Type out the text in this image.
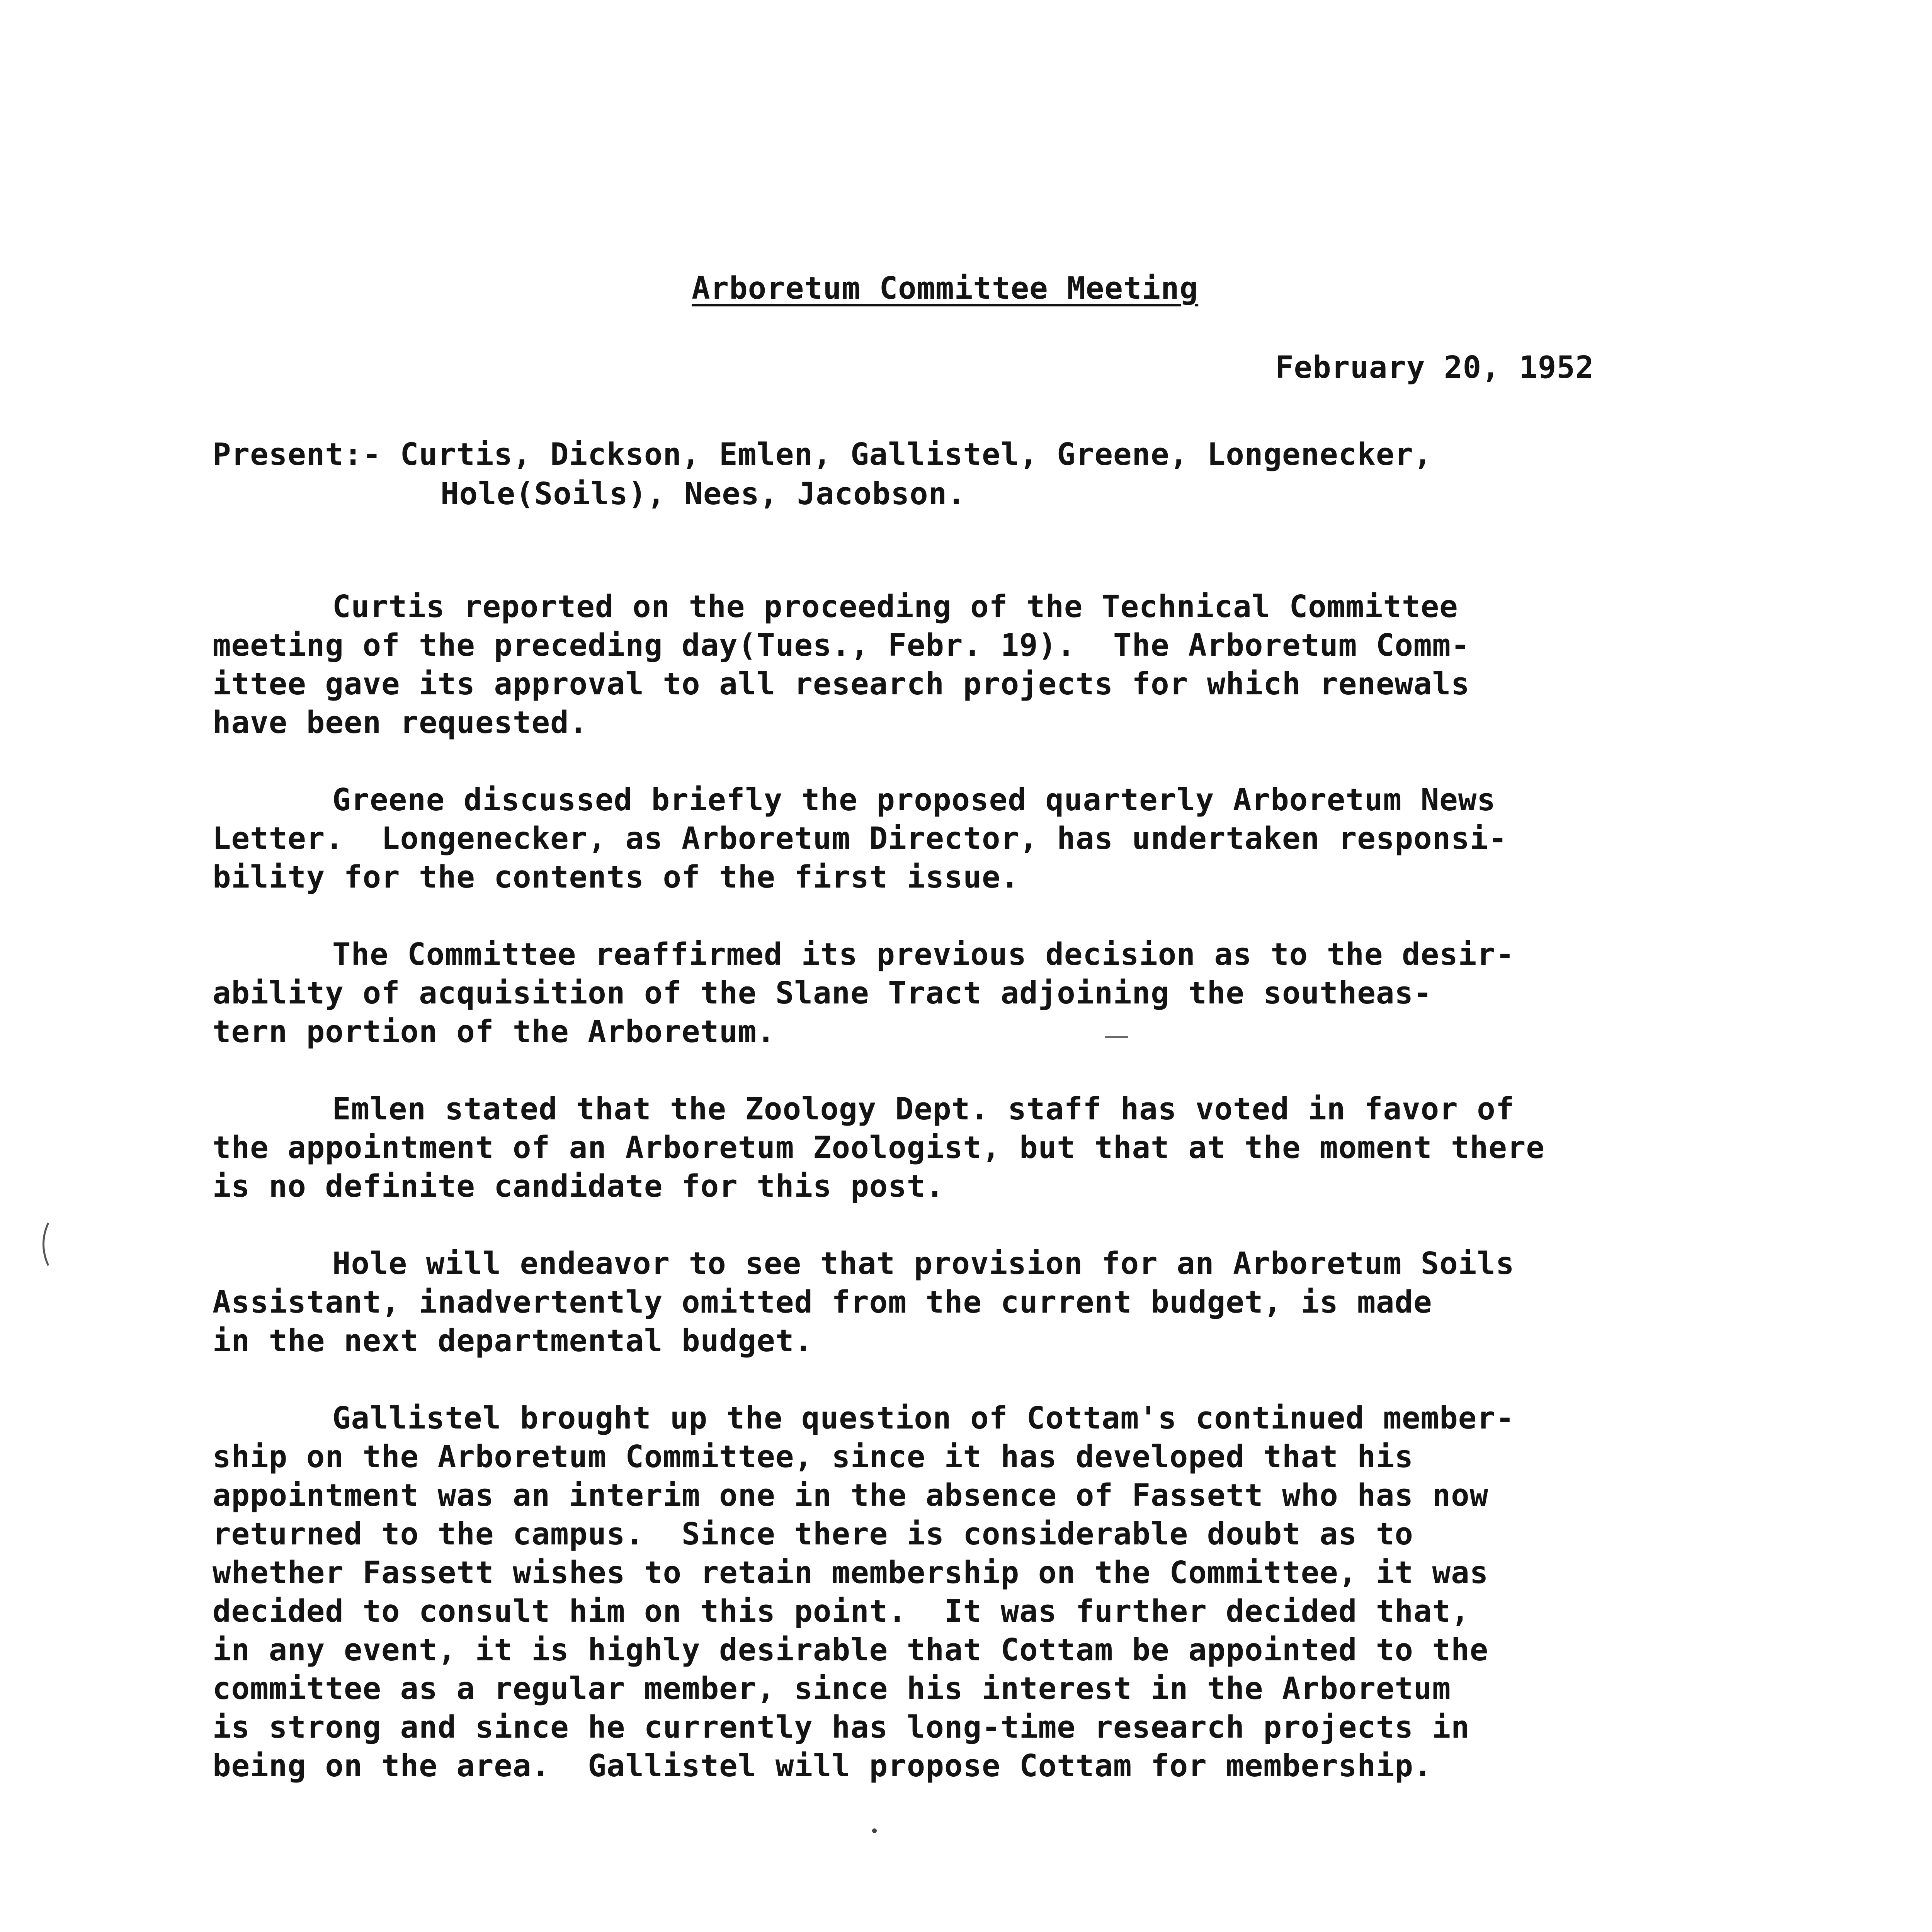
Arboretum Committee Meeting
February 20, 1952
Present:- Curtis, Dickson, Emlen, Gallistel, Greene, Longenecker,
Hole(Soils), Nees, Jacobson.
Curtis reported on the proceeding of the Technical Committee
meeting of the preceding day(Tues., Febr. 19).  The Arboretum Comm-
ittee gave its approval to all research projects for which renewals
have been requested.
Greene discussed briefly the proposed quarterly Arboretum News
Letter.  Longenecker, as Arboretum Director, has undertaken responsi-
bility for the contents of the first issue.
The Committee reaffirmed its previous decision as to the desir-
ability of acquisition of the Slane Tract adjoining the southeas-
tern portion of the Arboretum.
Emlen stated that the Zoology Dept. staff has voted in favor of
the appointment of an Arboretum Zoologist, but that at the moment there
is no definite candidate for this post.
Hole will endeavor to see that provision for an Arboretum Soils
Assistant, inadvertently omitted from the current budget, is made
in the next departmental budget.
Gallistel brought up the question of Cottam's continued member-
ship on the Arboretum Committee, since it has developed that his
appointment was an interim one in the absence of Fassett who has now
returned to the campus.  Since there is considerable doubt as to
whether Fassett wishes to retain membership on the Committee, it was
decided to consult him on this point.  It was further decided that,
in any event, it is highly desirable that Cottam be appointed to the
committee as a regular member, since his interest in the Arboretum
is strong and since he currently has long-time research projects in
being on the area.  Gallistel will propose Cottam for membership.
